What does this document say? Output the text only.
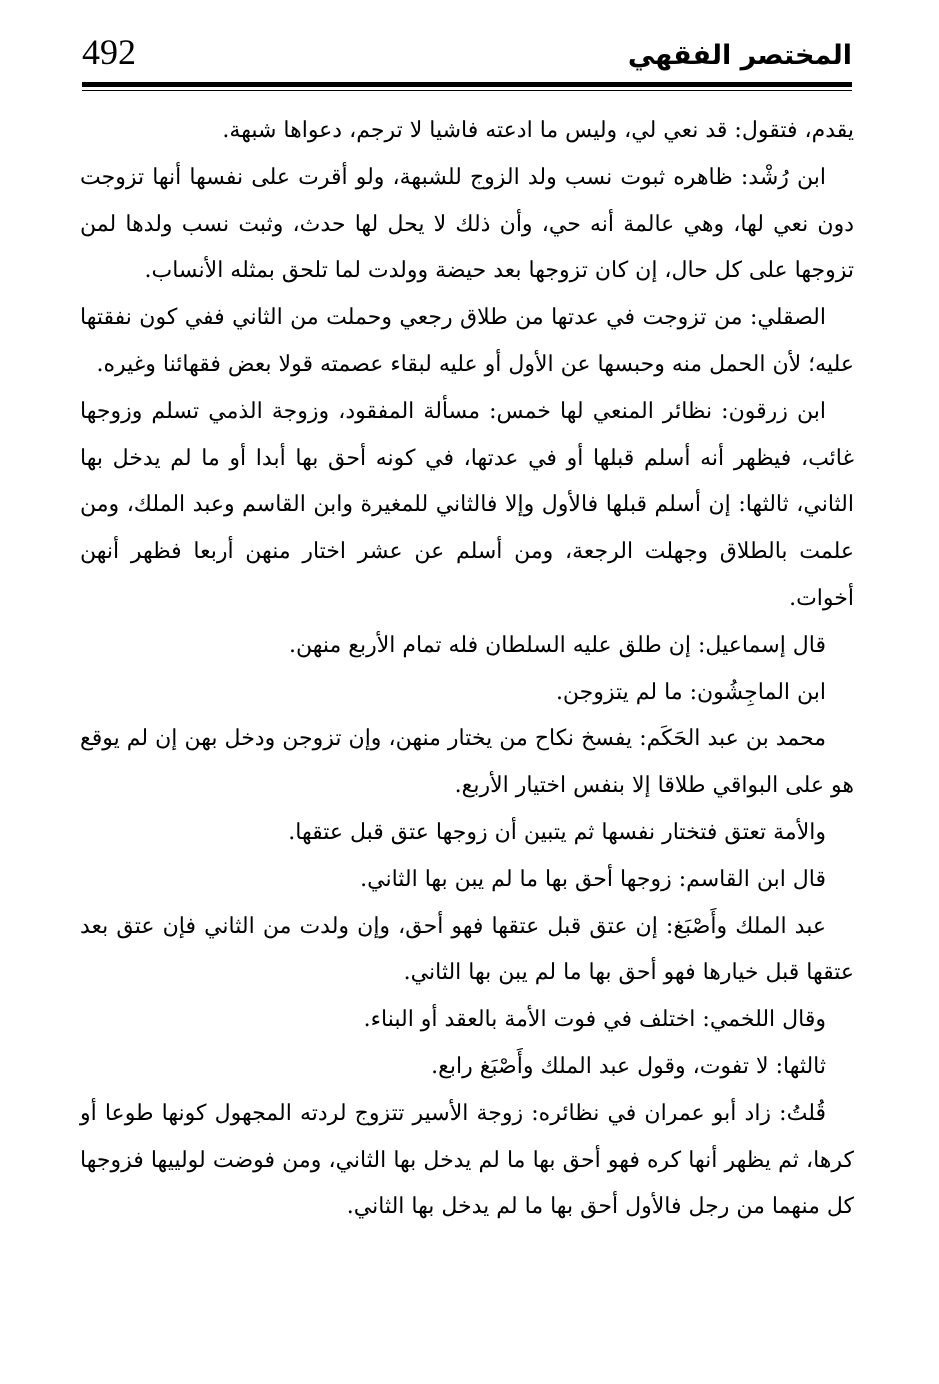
492	المختصر الفقهي

يقدم، فتقول: قد نعي لي، وليس ما ادعته فاشيا لا ترجم، دعواها شبهة.

ابن رُشْد: ظاهره ثبوت نسب ولد الزوج للشبهة، ولو أقرت على نفسها أنها تزوجت دون نعي لها، وهي عالمة أنه حي، وأن ذلك لا يحل لها حدث، وثبت نسب ولدها لمن تزوجها على كل حال، إن كان تزوجها بعد حيضة وولدت لما تلحق بمثله الأنساب.

الصقلي: من تزوجت في عدتها من طلاق رجعي وحملت من الثاني ففي كون نفقتها عليه؛ لأن الحمل منه وحبسها عن الأول أو عليه لبقاء عصمته قولا بعض فقهائنا وغيره.

ابن زرقون: نظائر المنعي لها خمس: مسألة المفقود، وزوجة الذمي تسلم وزوجها غائب، فيظهر أنه أسلم قبلها أو في عدتها، في كونه أحق بها أبدا أو ما لم يدخل بها الثاني، ثالثها: إن أسلم قبلها فالأول وإلا فالثاني للمغيرة وابن القاسم وعبد الملك، ومن علمت بالطلاق وجهلت الرجعة، ومن أسلم عن عشر اختار منهن أربعا فظهر أنهن أخوات.

قال إسماعيل: إن طلق عليه السلطان فله تمام الأربع منهن.

ابن الماجِشُون: ما لم يتزوجن.

محمد بن عبد الحَكَم: يفسخ نكاح من يختار منهن، وإن تزوجن ودخل بهن إن لم يوقع هو على البواقي طلاقا إلا بنفس اختيار الأربع.

والأمة تعتق فتختار نفسها ثم يتبين أن زوجها عتق قبل عتقها.

قال ابن القاسم: زوجها أحق بها ما لم يبن بها الثاني.

عبد الملك وأَصْبَغ: إن عتق قبل عتقها فهو أحق، وإن ولدت من الثاني فإن عتق بعد عتقها قبل خيارها فهو أحق بها ما لم يبن بها الثاني.

وقال اللخمي: اختلف في فوت الأمة بالعقد أو البناء.

ثالثها: لا تفوت، وقول عبد الملك وأَصْبَغ رابع.

قُلتُ: زاد أبو عمران في نظائره: زوجة الأسير تتزوج لردته المجهول كونها طوعا أو كرها، ثم يظهر أنها كره فهو أحق بها ما لم يدخل بها الثاني، ومن فوضت لولييها فزوجها كل منهما من رجل فالأول أحق بها ما لم يدخل بها الثاني.
